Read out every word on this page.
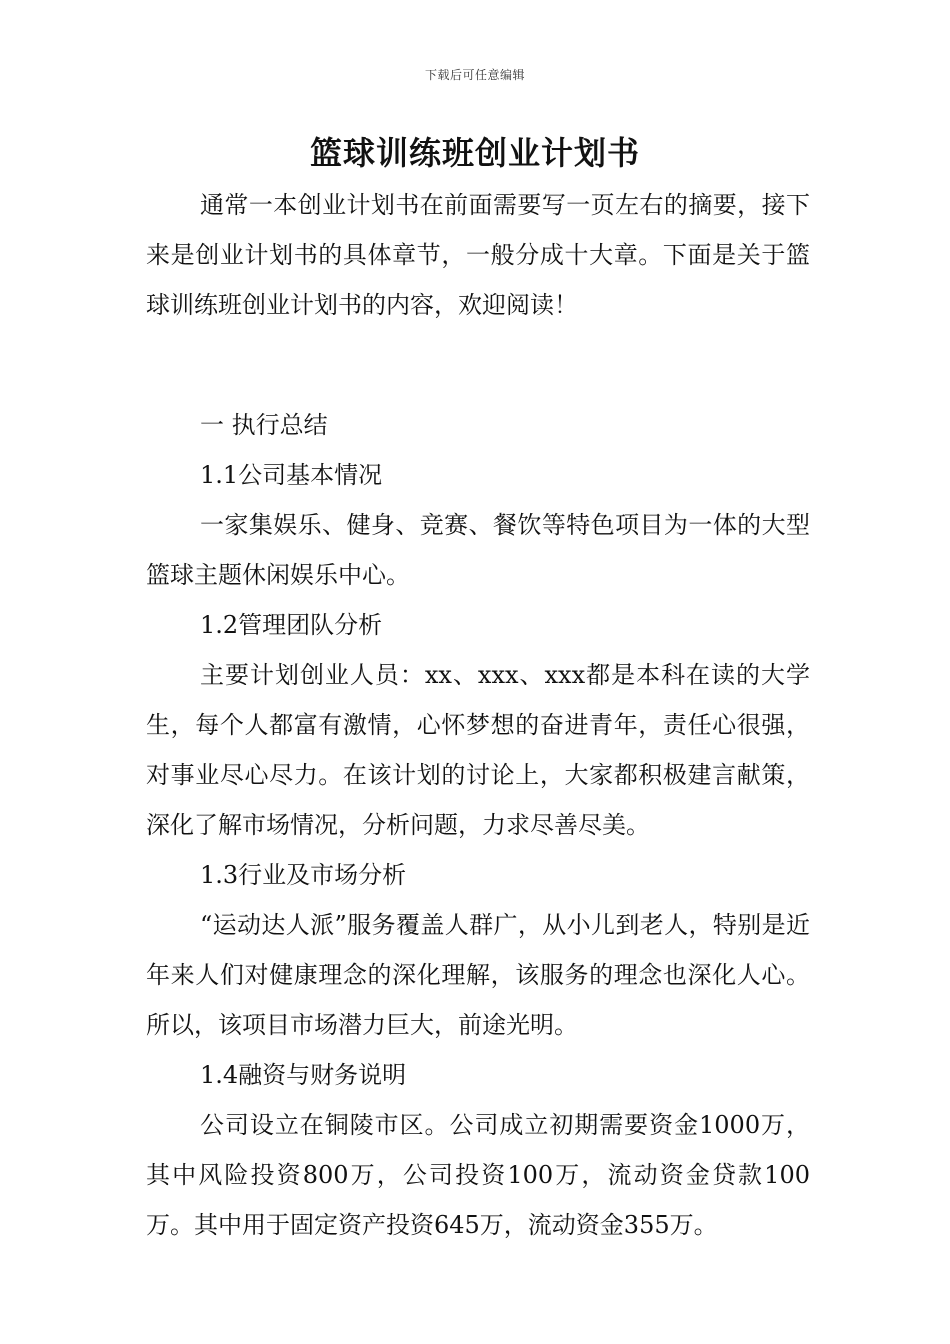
下载后可任意编辑
篮球训练班创业计划书

通常一本创业计划书在前面需要写一页左右的摘要，接下来是创业计划书的具体章节，一般分成十大章。下面是关于篮球训练班创业计划书的内容，欢迎阅读！

一 执行总结

1.1公司基本情况

一家集娱乐、健身、竞赛、餐饮等特色项目为一体的大型篮球主题休闲娱乐中心。

1.2管理团队分析

主要计划创业人员：xx、xxx、xxx都是本科在读的大学生，每个人都富有激情，心怀梦想的奋进青年，责任心很强，对事业尽心尽力。在该计划的讨论上，大家都积极建言献策，深化了解市场情况，分析问题，力求尽善尽美。

1.3行业及市场分析

“运动达人派”服务覆盖人群广，从小儿到老人，特别是近年来人们对健康理念的深化理解，该服务的理念也深化人心。所以，该项目市场潜力巨大，前途光明。

1.4融资与财务说明

公司设立在铜陵市区。公司成立初期需要资金1000万，其中风险投资800万，公司投资100万，流动资金贷款100万。其中用于固定资产投资645万，流动资金355万。
